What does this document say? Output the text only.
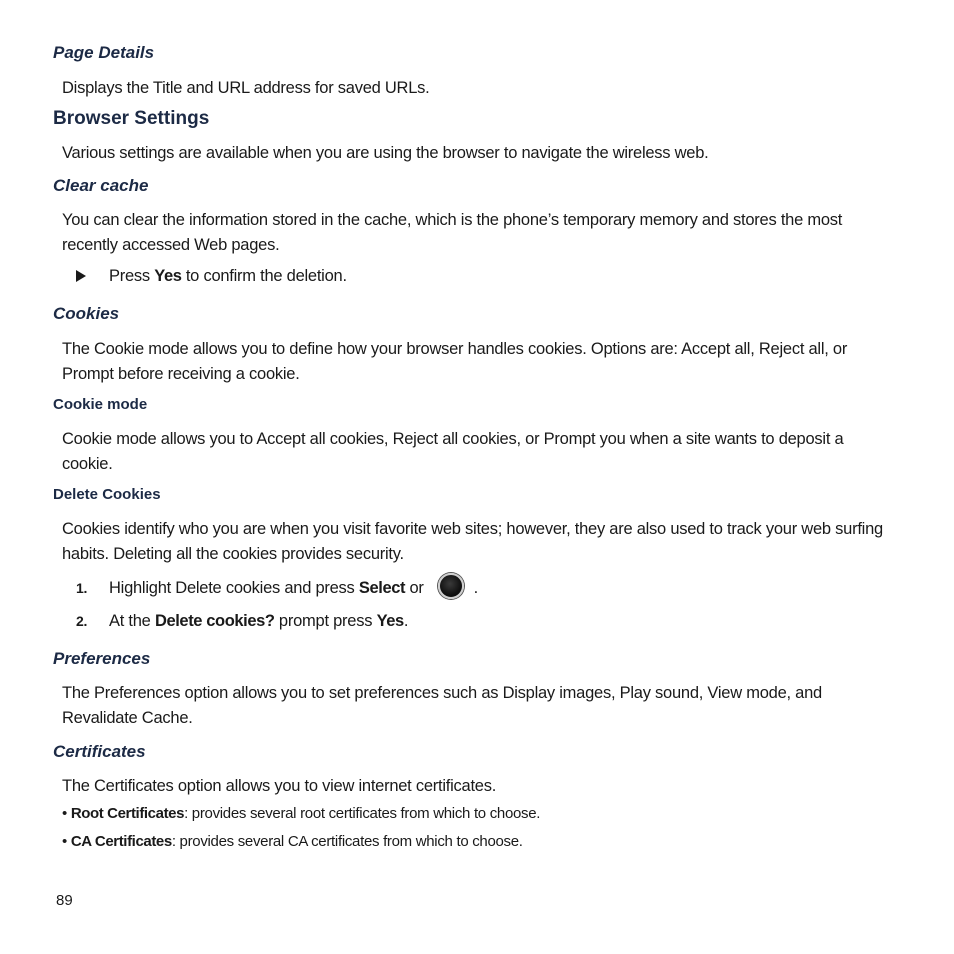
Page Details

Displays the Title and URL address for saved URLs.

Browser Settings

Various settings are available when you are using the browser to navigate the wireless web.

Clear cache

You can clear the information stored in the cache, which is the phone’s temporary memory and stores the most recently accessed Web pages.

Press Yes to confirm the deletion.
Cookies

The Cookie mode allows you to define how your browser handles cookies. Options are: Accept all, Reject all, or Prompt before receiving a cookie.

Cookie mode

Cookie mode allows you to Accept all cookies, Reject all cookies, or Prompt you when a site wants to deposit a cookie.

Delete Cookies

Cookies identify who you are when you visit favorite web sites; however, they are also used to track your web surfing habits. Deleting all the cookies provides security.

1. Highlight Delete cookies and press Select or	.
2. At the Delete cookies? prompt press Yes.
Preferences

The Preferences option allows you to set preferences such as Display images, Play sound, View mode, and Revalidate Cache.

Certificates

The Certificates option allows you to view internet certificates.

• Root Certificates: provides several root certificates from which to choose.
• CA Certificates: provides several CA certificates from which to choose.
89
